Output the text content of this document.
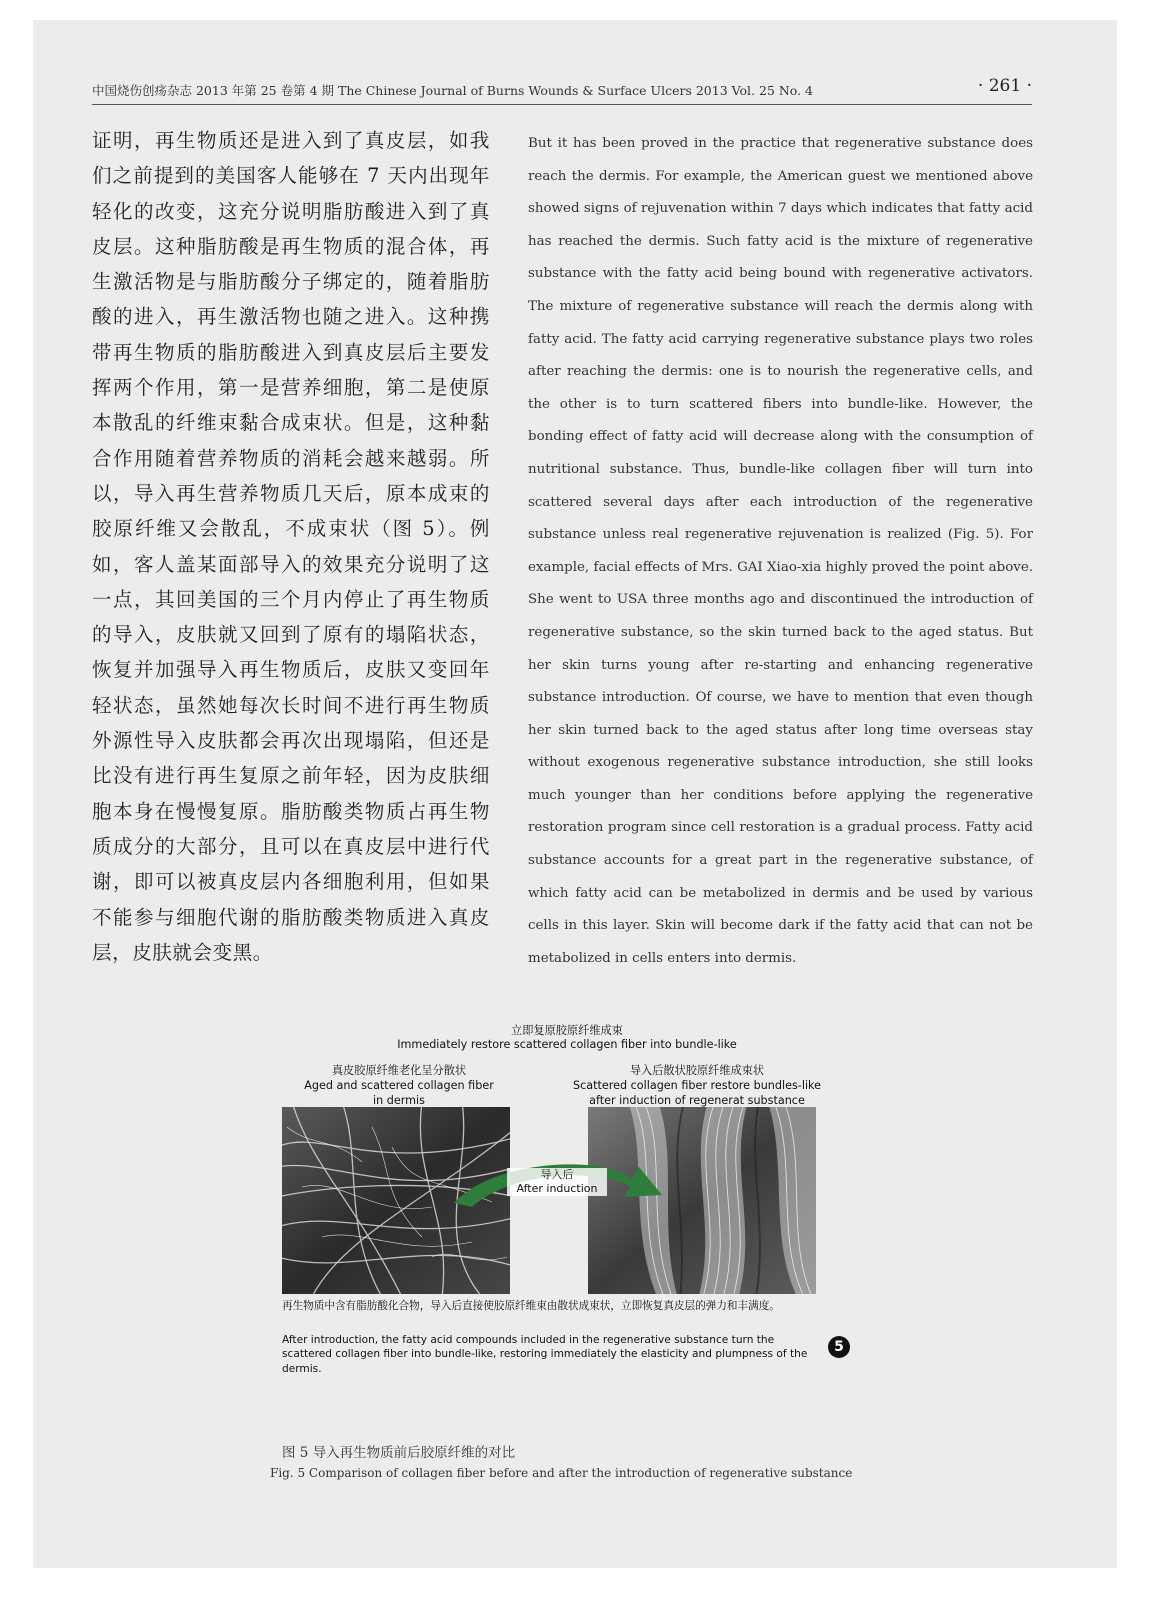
中国烧伤创疡杂志 2013 年第 25 卷第 4 期 The Chinese Journal of Burns Wounds & Surface Ulcers 2013 Vol. 25 No. 4	· 261 ·
证明，再生物质还是进入到了真皮层，如我们之前提到的美国客人能够在 7 天内出现年轻化的改变，这充分说明脂肪酸进入到了真皮层。这种脂肪酸是再生物质的混合体，再生激活物是与脂肪酸分子绑定的，随着脂肪酸的进入，再生激活物也随之进入。这种携带再生物质的脂肪酸进入到真皮层后主要发挥两个作用，第一是营养细胞，第二是使原本散乱的纤维束黏合成束状。但是，这种黏合作用随着营养物质的消耗会越来越弱。所以，导入再生营养物质几天后，原本成束的胶原纤维又会散乱，不成束状（图 5）。例如，客人盖某面部导入的效果充分说明了这一点，其回美国的三个月内停止了再生物质的导入，皮肤就又回到了原有的塌陷状态，恢复并加强导入再生物质后，皮肤又变回年轻状态，虽然她每次长时间不进行再生物质外源性导入皮肤都会再次出现塌陷，但还是比没有进行再生复原之前年轻，因为皮肤细胞本身在慢慢复原。脂肪酸类物质占再生物质成分的大部分，且可以在真皮层中进行代谢，即可以被真皮层内各细胞利用，但如果不能参与细胞代谢的脂肪酸类物质进入真皮层，皮肤就会变黑。
But it has been proved in the practice that regenerative substance does reach the dermis. For example, the American guest we mentioned above showed signs of rejuvenation within 7 days which indicates that fatty acid has reached the dermis. Such fatty acid is the mixture of regenerative substance with the fatty acid being bound with regenerative activators. The mixture of regenerative substance will reach the dermis along with fatty acid. The fatty acid carrying regenerative substance plays two roles after reaching the dermis: one is to nourish the regenerative cells, and the other is to turn scattered fibers into bundle-like. However, the bonding effect of fatty acid will decrease along with the consumption of nutritional substance. Thus, bundle-like collagen fiber will turn into scattered several days after each introduction of the regenerative substance unless real regenerative rejuvenation is realized (Fig. 5). For example, facial effects of Mrs. GAI Xiao-xia highly proved the point above. She went to USA three months ago and discontinued the introduction of regenerative substance, so the skin turned back to the aged status. But her skin turns young after re-starting and enhancing regenerative substance introduction. Of course, we have to mention that even though her skin turned back to the aged status after long time overseas stay without exogenous regenerative substance introduction, she still looks much younger than her conditions before applying the regenerative restoration program since cell restoration is a gradual process. Fatty acid substance accounts for a great part in the regenerative substance, of which fatty acid can be metabolized in dermis and be used by various cells in this layer. Skin will become dark if the fatty acid that can not be metabolized in cells enters into dermis.
立即复原胶原纤维成束
Immediately restore scattered collagen fiber into bundle-like
真皮胶原纤维老化呈分散状
Aged and scattered collagen fiber
in dermis
导入后散状胶原纤维成束状
Scattered collagen fiber restore bundles-like
after induction of regenerat substance
导入后
After induction
再生物质中含有脂肪酸化合物，导入后直接使胶原纤维束由散状成束状，立即恢复真皮层的弹力和丰满度。
After introduction, the fatty acid compounds included in the regenerative substance turn the scattered collagen fiber into bundle-like, restoring immediately the elasticity and plumpness of the dermis.
5
图 5 导入再生物质前后胶原纤维的对比
Fig. 5 Comparison of collagen fiber before and after the introduction of regenerative substance
